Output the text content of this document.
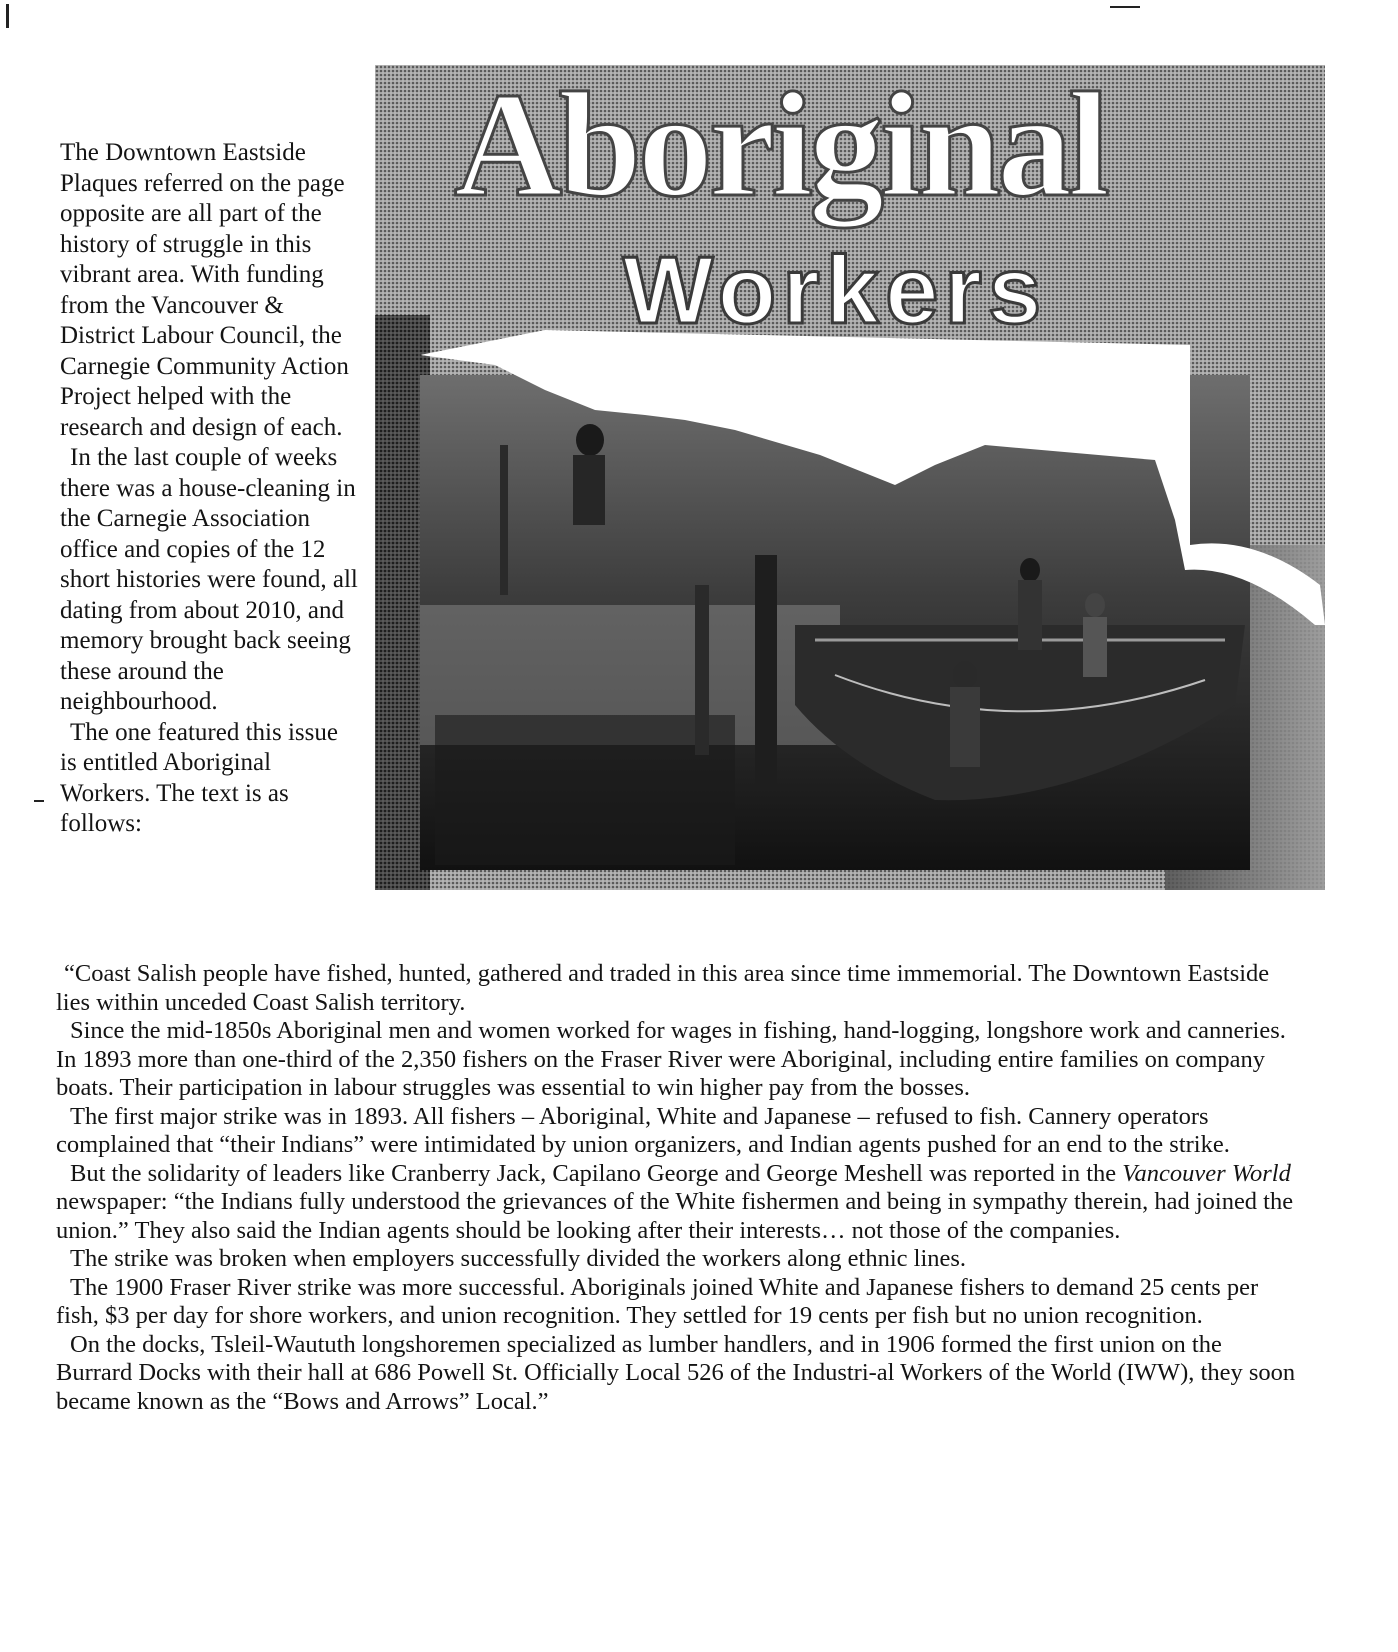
The Downtown Eastside Plaques referred on the page opposite are all part of the history of struggle in this vibrant area. With funding from the Vancouver & District Labour Council, the Carnegie Community Action Project helped with the research and design of each.

In the last couple of weeks there was a house-cleaning in the Carnegie Association office and copies of the 12 short histories were found, all dating from about 2010, and memory brought back seeing these around the neighbourhood.

The one featured this issue is entitled Aboriginal Workers. The text is as follows:

Aboriginal
Workers

“Coast Salish people have fished, hunted, gathered and traded in this area since time immemorial. The Downtown Eastside lies within unceded Coast Salish territory.

Since the mid-1850s Aboriginal men and women worked for wages in fishing, hand-logging, longshore work and canneries. In 1893 more than one-third of the 2,350 fishers on the Fraser River were Aboriginal, including entire families on company boats. Their participation in labour struggles was essential to win higher pay from the bosses.

The first major strike was in 1893. All fishers – Aboriginal, White and Japanese – refused to fish. Cannery operators complained that “their Indians” were intimidated by union organizers, and Indian agents pushed for an end to the strike.

But the solidarity of leaders like Cranberry Jack, Capilano George and George Meshell was reported in the Vancouver World newspaper: “the Indians fully understood the grievances of the White fishermen and being in sympathy therein, had joined the union.” They also said the Indian agents should be looking after their interests… not those of the companies.

The strike was broken when employers successfully divided the workers along ethnic lines.

The 1900 Fraser River strike was more successful. Aboriginals joined White and Japanese fishers to demand 25 cents per fish, $3 per day for shore workers, and union recognition. They settled for 19 cents per fish but no union recognition.

On the docks, Tsleil-Waututh longshoremen specialized as lumber handlers, and in 1906 formed the first union on the Burrard Docks with their hall at 686 Powell St. Officially Local 526 of the Industri-al Workers of the World (IWW), they soon became known as the “Bows and Arrows” Local.”
